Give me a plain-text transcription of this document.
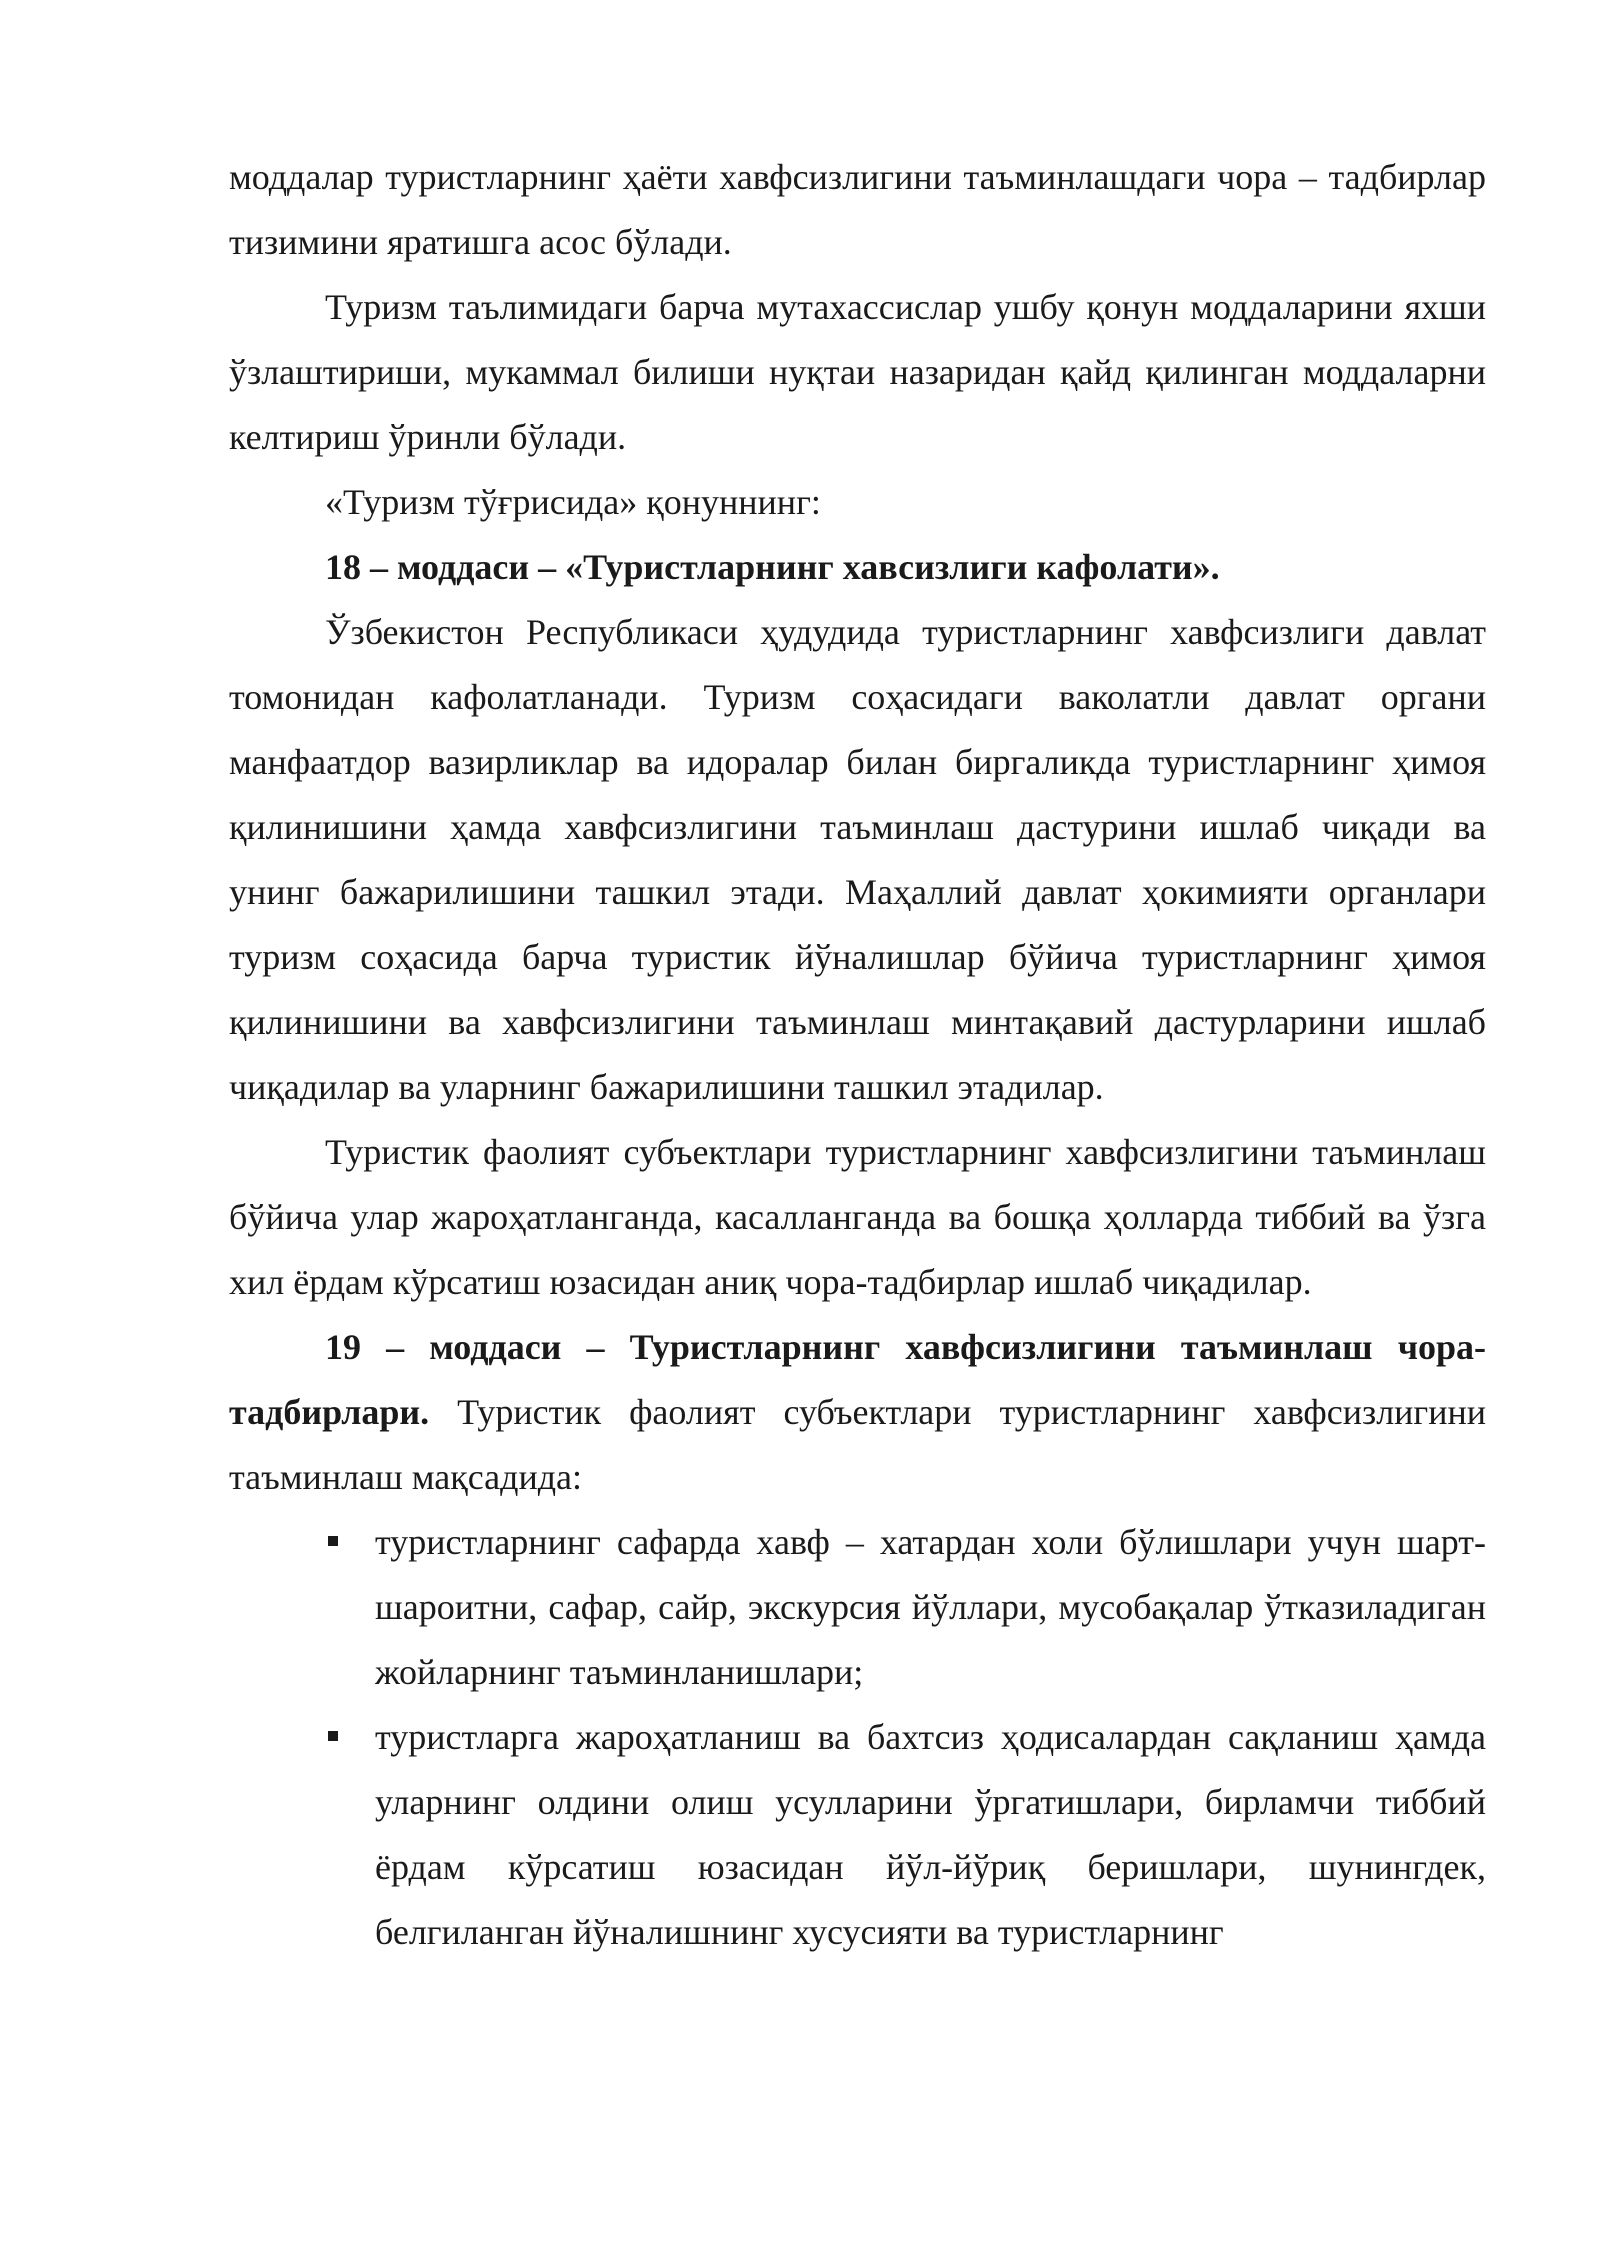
моддалар туристларнинг ҳаёти хавфсизлигини таъминлашдаги чора – тадбирлар тизимини яратишга асос бўлади.

Туризм таълимидаги барча мутахассислар ушбу қонун моддаларини яхши ўзлаштириши, мукаммал билиши нуқтаи назаридан қайд қилинган моддаларни келтириш ўринли бўлади.

«Туризм тўғрисида» қонуннинг:

18 – моддаси – «Туристларнинг хавсизлиги кафолати».

Ўзбекистон Республикаси ҳудудида туристларнинг хавфсизлиги давлат томонидан кафолатланади. Туризм соҳасидаги ваколатли давлат органи манфаатдор вазирликлар ва идоралар билан биргаликда туристларнинг ҳимоя қилинишини ҳамда хавфсизлигини таъминлаш дастурини ишлаб чиқади ва унинг бажарилишини ташкил этади. Маҳаллий давлат ҳокимияти органлари туризм соҳасида барча туристик йўналишлар бўйича туристларнинг ҳимоя қилинишини ва хавфсизлигини таъминлаш минтақавий дастурларини ишлаб чиқадилар ва уларнинг бажарилишини ташкил этадилар.

Туристик фаолият субъектлари туристларнинг хавфсизлигини таъминлаш бўйича улар жароҳатланганда, касалланганда ва бошқа ҳолларда тиббий ва ўзга хил ёрдам кўрсатиш юзасидан аниқ чора-тадбирлар ишлаб чиқадилар.

19 – моддаси – Туристларнинг хавфсизлигини таъминлаш чора-тадбирлари. Туристик фаолият субъектлари туристларнинг хавфсизлигини таъминлаш мақсадида:

туристларнинг сафарда хавф – хатардан холи бўлишлари учун шарт-шароитни, сафар, сайр, экскурсия йўллари, мусобақалар ўтказиладиган жойларнинг таъминланишлари;
туристларга жароҳатланиш ва бахтсиз ҳодисалардан сақланиш ҳамда уларнинг олдини олиш усулларини ўргатишлари, бирламчи тиббий ёрдам кўрсатиш юзасидан йўл-йўриқ беришлари, шунингдек, белгиланган йўналишнинг хусусияти ва туристларнинг
